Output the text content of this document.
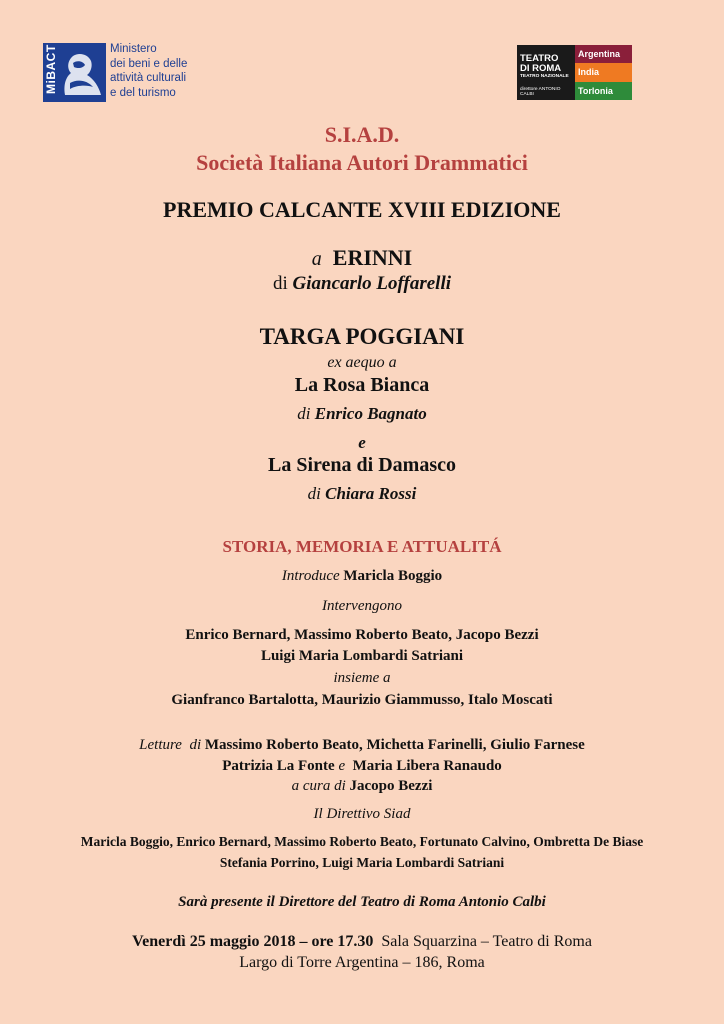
MiBACT	Ministero
dei beni e delle
attività culturali
e del turismo
TEATRO
DI ROMA
TEATRO NAZIONALE
direttore ANTONIO CALBI
Argentina
India
Torlonia
S.I.A.D.
Società Italiana Autori Drammatici
PREMIO CALCANTE XVIII EDIZIONE
a ERINNI
di Giancarlo Loffarelli
TARGA POGGIANI
ex aequo a
La Rosa Bianca
di Enrico Bagnato
e
La Sirena di Damasco
di Chiara Rossi
STORIA, MEMORIA E ATTUALITÁ
Introduce Maricla Boggio
Intervengono
Enrico Bernard, Massimo Roberto Beato, Jacopo Bezzi
Luigi Maria Lombardi Satriani
insieme a
Gianfranco Bartalotta, Maurizio Giammusso, Italo Moscati
Letture di Massimo Roberto Beato, Michetta Farinelli, Giulio Farnese
Patrizia La Fonte e Maria Libera Ranaudo
a cura di Jacopo Bezzi
Il Direttivo Siad
Maricla Boggio, Enrico Bernard, Massimo Roberto Beato, Fortunato Calvino, Ombretta De Biase
Stefania Porrino, Luigi Maria Lombardi Satriani
Sarà presente il Direttore del Teatro di Roma Antonio Calbi
Venerdì 25 maggio 2018 – ore 17.30 Sala Squarzina – Teatro di Roma
Largo di Torre Argentina – 186, Roma
